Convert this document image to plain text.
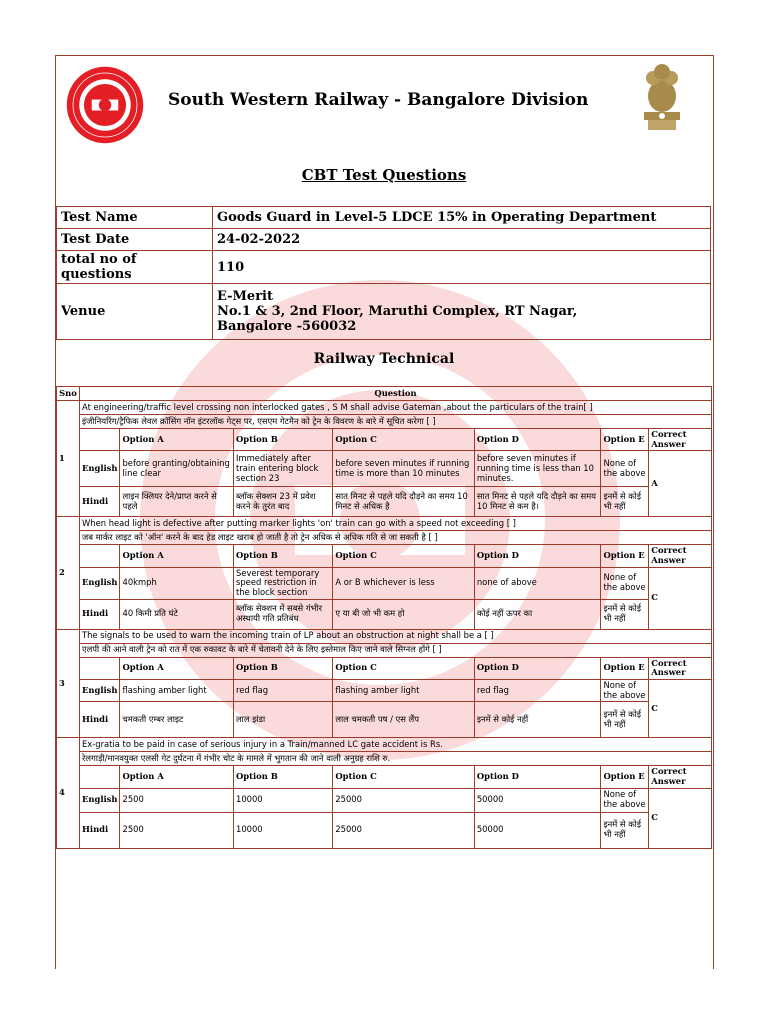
South Western Railway - Bangalore Division
CBT Test Questions
Test Name	Goods Guard in Level-5 LDCE 15% in Operating Department
Test Date	24-02-2022
total no of questions	110
Venue	E-Merit
No.1 & 3, 2nd Floor, Maruthi Complex, RT Nagar,
Bangalore -560032
Railway Technical
Sno	Question						
1	At engineering/traffic level crossing non interlocked gates , S M shall advise Gateman ,about the particulars of the train[ ]						
	इंजीनियरिंग/ट्रैफिक लेवल क्रॉसिंग नॉन इंटरलॉक गेट्स पर, एसएम गेटमैन को ट्रेन के विवरण के बारे में सूचित करेगा [ ]						
		Option A	Option B	Option C	Option D	Option E	Correct Answer
	English	before granting/obtaining line clear	Immediately after train entering block section 23	before seven minutes if running time is more than 10 minutes	before seven minutes if running time is less than 10 minutes.	None of the above	A
	Hindi	लाइन क्लियर देने/प्राप्त करने से पहले	ब्लॉक सेक्शन 23 में प्रवेश करने के तुरंत बाद	सात मिनट से पहले यदि दौड़ने का समय 10 मिनट से अधिक है	सात मिनट से पहले यदि दौड़ने का समय 10 मिनट से कम है।	इनमें से कोई भी नहीं	
2	When head light is defective after putting marker lights 'on' train can go with a speed not exceeding [ ]						
	जब मार्कर लाइट को 'ऑन' करने के बाद हेड लाइट खराब हो जाती है तो ट्रेन अधिक से अधिक गति से जा सकती है [ ]						
		Option A	Option B	Option C	Option D	Option E	Correct Answer
	English	40kmph	Severest temporary speed restriction in the block section	A or B whichever is less	none of above	None of the above	C
	Hindi	40 किमी प्रति घंटे	ब्लॉक सेक्शन में सबसे गंभीर अस्थायी गति प्रतिबंध	ए या बी जो भी कम हो	कोई नहीं ऊपर का	इनमें से कोई भी नहीं	
3	The signals to be used to warn the incoming train of LP about an obstruction at night shall be a [ ]						
	एलपी की आने वाली ट्रेन को रात में एक रुकावट के बारे में चेतावनी देने के लिए इस्तेमाल किए जाने वाले सिग्नल होंगे [ ]						
		Option A	Option B	Option C	Option D	Option E	Correct Answer
	English	flashing amber light	red flag	flashing amber light	red flag	None of the above	C
	Hindi	चमकती एम्बर लाइट	लाल झंडा	लाल चमकती पष / एस लैंप	इनमें से कोई नहीं	इनमें से कोई भी नहीं	
4	Ex-gratia to be paid in case of serious injury in a Train/manned LC gate accident is Rs.						
	रेलगाड़ी/मानवयुक्त एलसी गेट दुर्घटना में गंभीर चोट के मामले में भुगतान की जाने वाली अनुग्रह राशि रु.						
		Option A	Option B	Option C	Option D	Option E	Correct Answer
	English	2500	10000	25000	50000	None of the above	C
	Hindi	2500	10000	25000	50000	इनमें से कोई भी नहीं	
